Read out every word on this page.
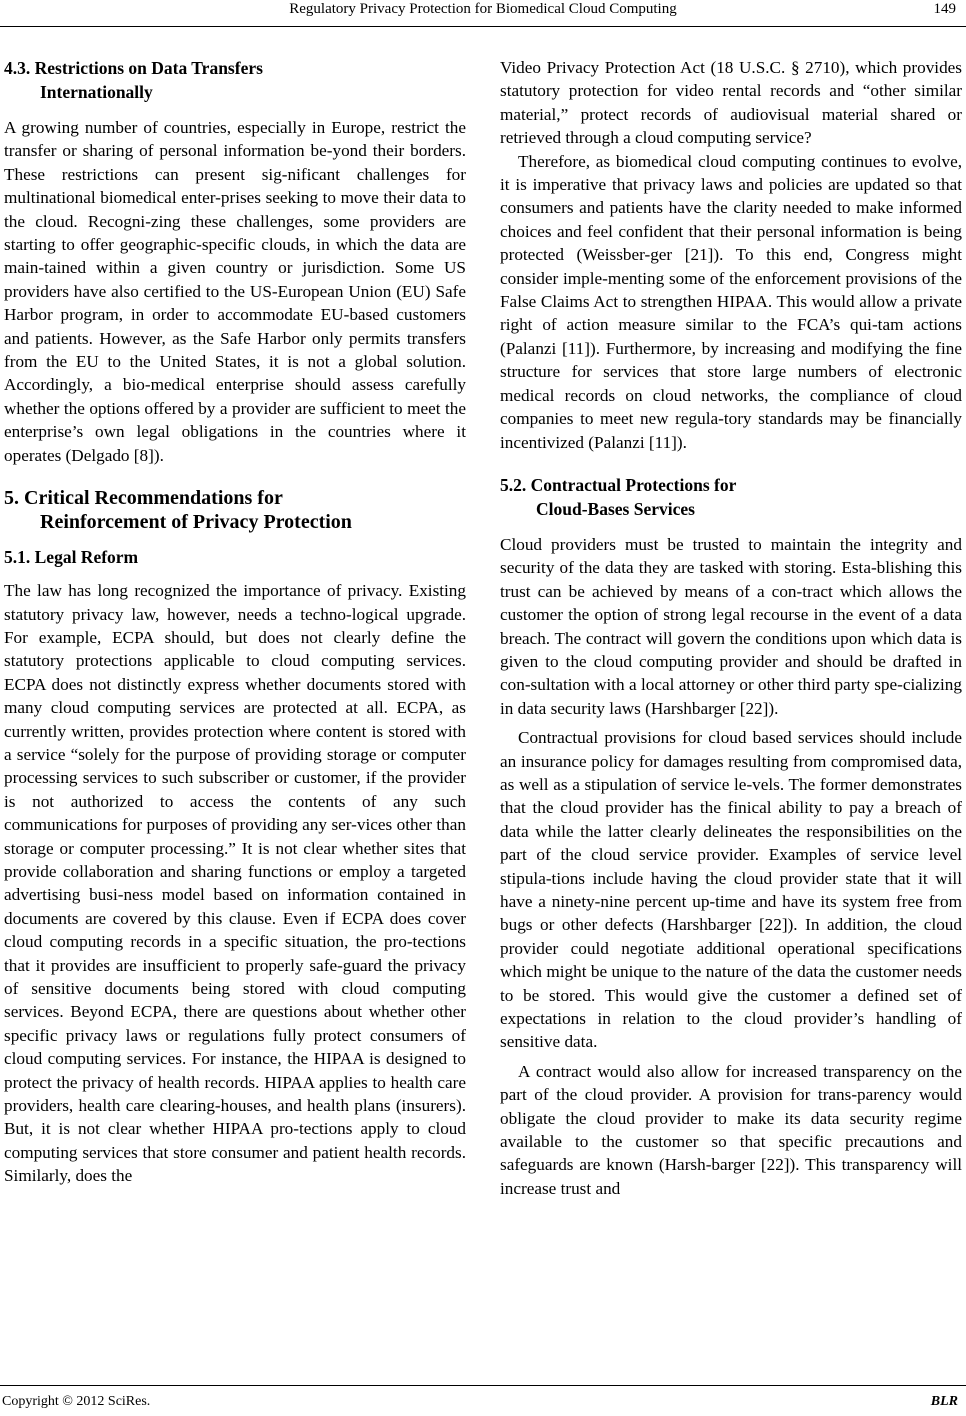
Regulatory Privacy Protection for Biomedical Cloud Computing	149
4.3. Restrictions on Data Transfers

Internationally

A growing number of countries, especially in Europe, restrict the transfer or sharing of personal information be-yond their borders. These restrictions can present sig-nificant challenges for multinational biomedical enter-prises seeking to move their data to the cloud. Recogni-zing these challenges, some providers are starting to offer geographic-specific clouds, in which the data are main-tained within a given country or jurisdiction. Some US providers have also certified to the US-European Union (EU) Safe Harbor program, in order to accommodate EU-based customers and patients. However, as the Safe Harbor only permits transfers from the EU to the United States, it is not a global solution. Accordingly, a bio-medical enterprise should assess carefully whether the options offered by a provider are sufficient to meet the enterprise’s own legal obligations in the countries where it operates (Delgado [8]).

5. Critical Recommendations for

Reinforcement of Privacy Protection
5.1. Legal Reform

The law has long recognized the importance of privacy. Existing statutory privacy law, however, needs a techno-logical upgrade. For example, ECPA should, but does not clearly define the statutory protections applicable to cloud computing services. ECPA does not distinctly express whether documents stored with many cloud computing services are protected at all. ECPA, as currently written, provides protection where content is stored with a service “solely for the purpose of providing storage or computer processing services to such subscriber or customer, if the provider is not authorized to access the contents of any such communications for purposes of providing any ser-vices other than storage or computer processing.” It is not clear whether sites that provide collaboration and sharing functions or employ a targeted advertising busi-ness model based on information contained in documents are covered by this clause. Even if ECPA does cover cloud computing records in a specific situation, the pro-tections that it provides are insufficient to properly safe-guard the privacy of sensitive documents being stored with cloud computing services. Beyond ECPA, there are questions about whether other specific privacy laws or regulations fully protect consumers of cloud computing services. For instance, the HIPAA is designed to protect the privacy of health records. HIPAA applies to health care providers, health care clearing-houses, and health plans (insurers). But, it is not clear whether HIPAA pro-tections apply to cloud computing services that store consumer and patient health records. Similarly, does the

Video Privacy Protection Act (18 U.S.C. § 2710), which provides statutory protection for video rental records and “other similar material,” protect records of audiovisual material shared or retrieved through a cloud computing service?

Therefore, as biomedical cloud computing continues to evolve, it is imperative that privacy laws and policies are updated so that consumers and patients have the clarity needed to make informed choices and feel confident that their personal information is being protected (Weissber-ger [21]). To this end, Congress might consider imple-menting some of the enforcement provisions of the False Claims Act to strengthen HIPAA. This would allow a private right of action measure similar to the FCA’s qui-tam actions (Palanzi [11]). Furthermore, by increasing and modifying the fine structure for services that store large numbers of electronic medical records on cloud networks, the compliance of cloud companies to meet new regula-tory standards may be financially incentivized (Palanzi [11]).

5.2. Contractual Protections for

Cloud-Bases Services

Cloud providers must be trusted to maintain the integrity and security of the data they are tasked with storing. Esta-blishing this trust can be achieved by means of a con-tract which allows the customer the option of strong legal recourse in the event of a data breach. The contract will govern the conditions upon which data is given to the cloud computing provider and should be drafted in con-sultation with a local attorney or other third party spe-cializing in data security laws (Harshbarger [22]).

Contractual provisions for cloud based services should include an insurance policy for damages resulting from compromised data, as well as a stipulation of service le-vels. The former demonstrates that the cloud provider has the finical ability to pay a breach of data while the latter clearly delineates the responsibilities on the part of the cloud service provider. Examples of service level stipula-tions include having the cloud provider state that it will have a ninety-nine percent up-time and have its system free from bugs or other defects (Harshbarger [22]). In addition, the cloud provider could negotiate additional operational specifications which might be unique to the nature of the data the customer needs to be stored. This would give the customer a defined set of expectations in relation to the cloud provider’s handling of sensitive data.

A contract would also allow for increased transparency on the part of the cloud provider. A provision for trans-parency would obligate the cloud provider to make its data security regime available to the customer so that specific precautions and safeguards are known (Harsh-barger [22]). This transparency will increase trust and

Copyright © 2012 SciRes.	BLR
